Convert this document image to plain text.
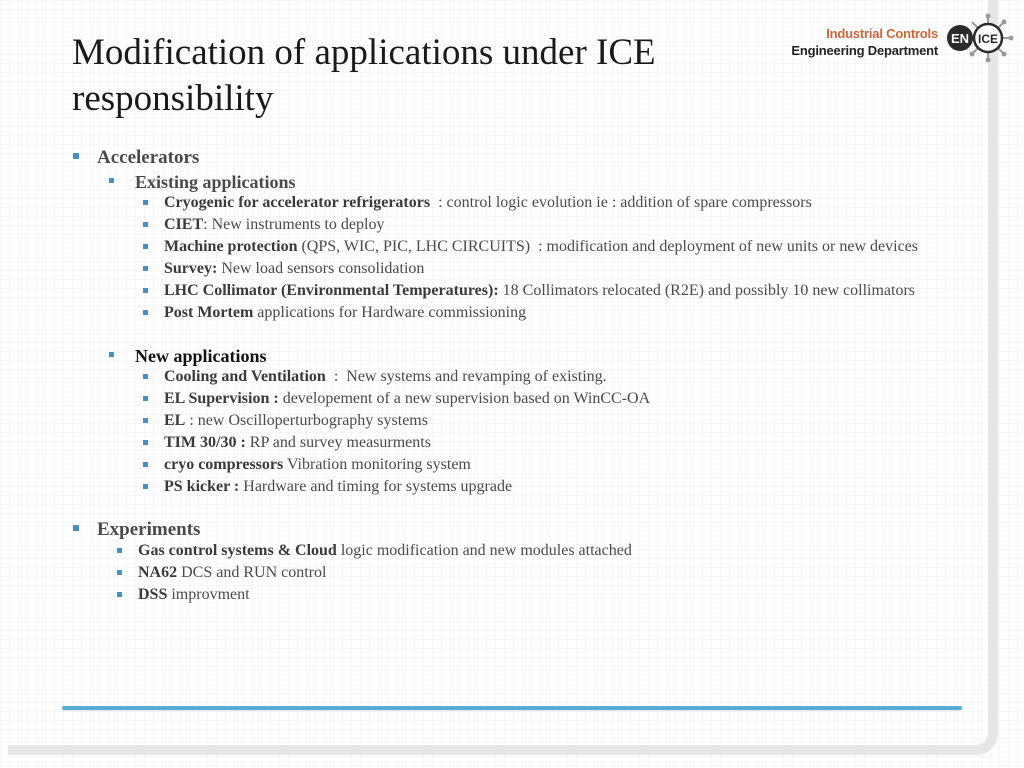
Modification of applications under ICE responsibility
Industrial Controls
Engineering Department
EN ICE
Accelerators
Existing applications
Cryogenic for accelerator refrigerators  : control logic evolution ie : addition of spare compressors
CIET: New instruments to deploy
Machine protection (QPS, WIC, PIC, LHC CIRCUITS)  : modification and deployment of new units or new devices
Survey: New load sensors consolidation
LHC Collimator (Environmental Temperatures): 18 Collimators relocated (R2E) and possibly 10 new collimators
Post Mortem applications for Hardware commissioning
New applications
Cooling and Ventilation  :  New systems and revamping of existing.
EL Supervision : developement of a new supervision based on WinCC-OA
EL : new Oscilloperturbography systems
TIM 30/30 : RP and survey measurments
cryo compressors Vibration monitoring system
PS kicker : Hardware and timing for systems upgrade
Experiments
Gas control systems & Cloud logic modification and new modules attached
NA62 DCS and RUN control
DSS improvment
